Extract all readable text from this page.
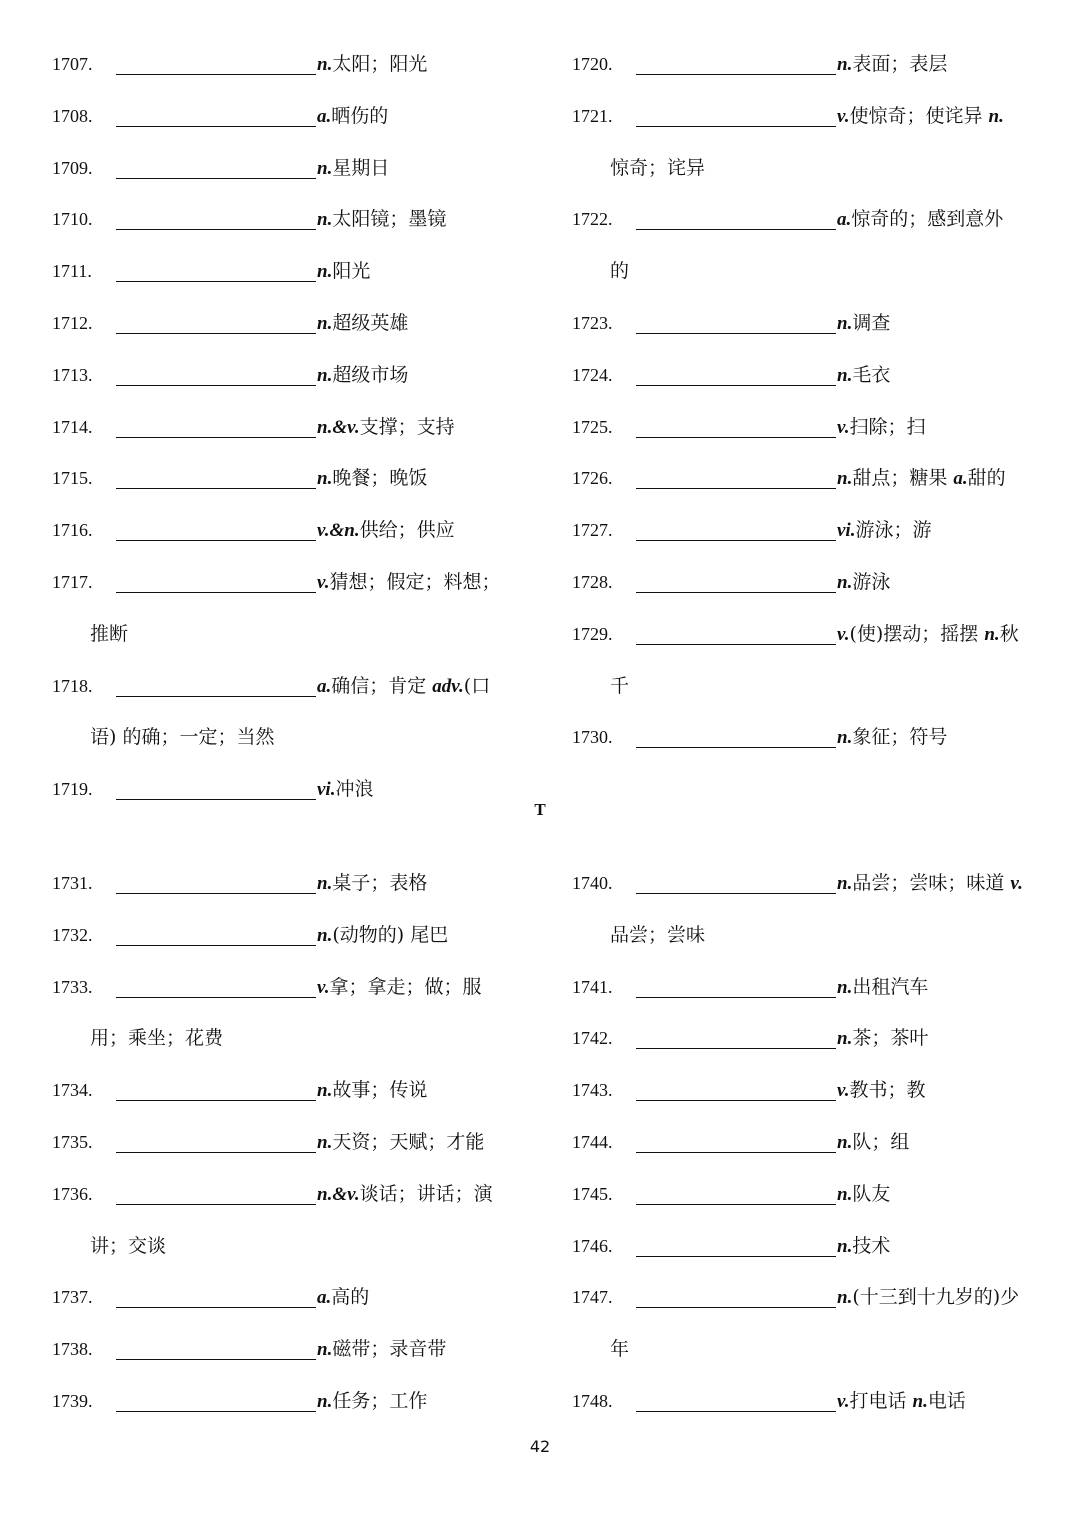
1707.	n.太阳；阳光
1708.	a.晒伤的
1709.	n.星期日
1710.	n.太阳镜；墨镜
1711.	n.阳光
1712.	n.超级英雄
1713.	n.超级市场
1714.	n.&v.支撑；支持
1715.	n.晚餐；晚饭
1716.	v.&n.供给；供应
1717.	v.猜想；假定；料想；
推断
1718.	a.确信；肯定 adv.(口
语) 的确；一定；当然
1719.	vi.冲浪
1720.	n.表面；表层
1721.	v.使惊奇；使诧异 n.
惊奇；诧异
1722.	a.惊奇的；感到意外
的
1723.	n.调查
1724.	n.毛衣
1725.	v.扫除；扫
1726.	n.甜点；糖果 a.甜的
1727.	vi.游泳；游
1728.	n.游泳
1729.	v.(使)摆动；摇摆 n.秋
千
1730.	n.象征；符号
T
1731.	n.桌子；表格
1732.	n.(动物的) 尾巴
1733.	v.拿；拿走；做；服
用；乘坐；花费
1734.	n.故事；传说
1735.	n.天资；天赋；才能
1736.	n.&v.谈话；讲话；演
讲；交谈
1737.	a.高的
1738.	n.磁带；录音带
1739.	n.任务；工作
1740.	n.品尝；尝味；味道 v.
品尝；尝味
1741.	n.出租汽车
1742.	n.茶；茶叶
1743.	v.教书；教
1744.	n.队；组
1745.	n.队友
1746.	n.技术
1747.	n.(十三到十九岁的)少
年
1748.	v.打电话 n.电话
42
